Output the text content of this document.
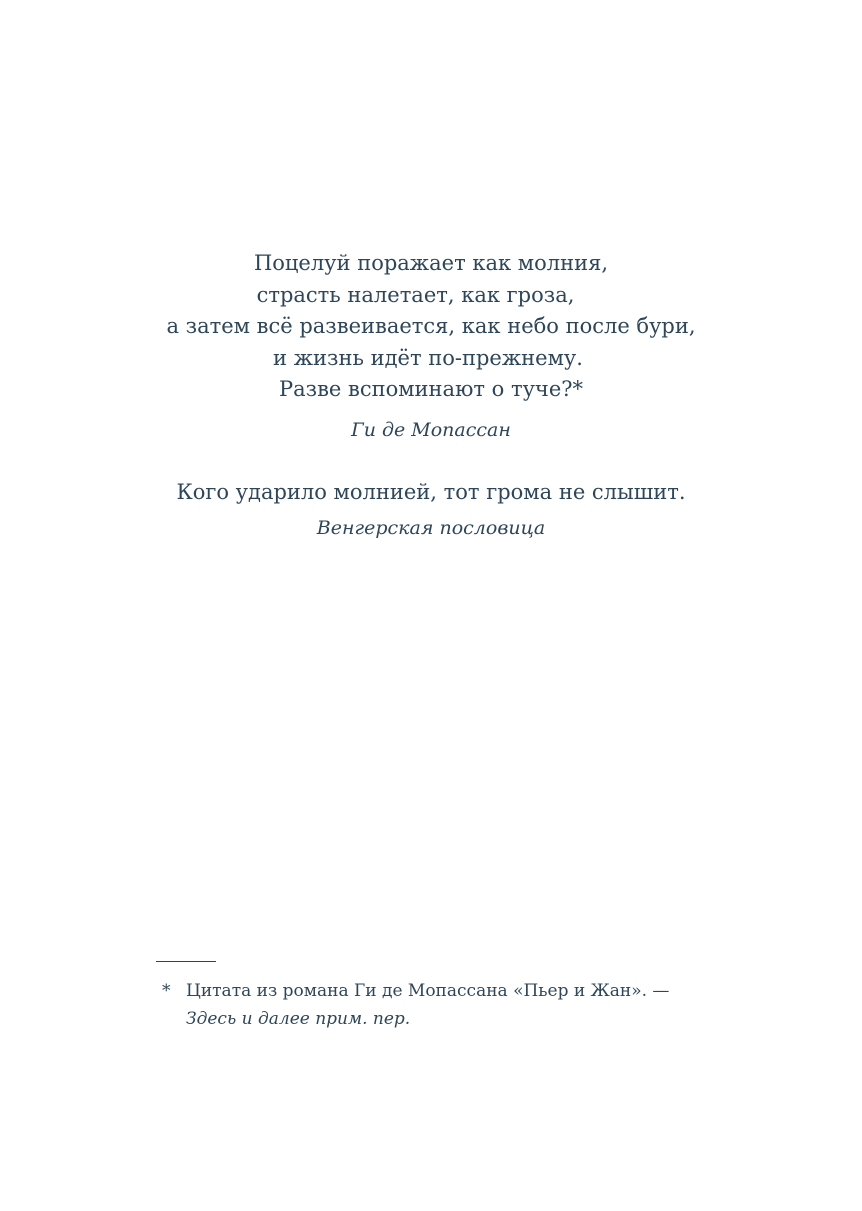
Поцелуй поражает как молния,
страсть налетает, как гроза,
а затем всё развеивается, как небо после бури,
и жизнь идёт по-прежнему.
Разве вспоминают о туче?*
Ги де Мопассан
Кого ударило молнией, тот грома не слышит.
Венгерская пословица
* Цитата из романа Ги де Мопассана «Пьер и Жан». —
Здесь и далее прим. пер.
